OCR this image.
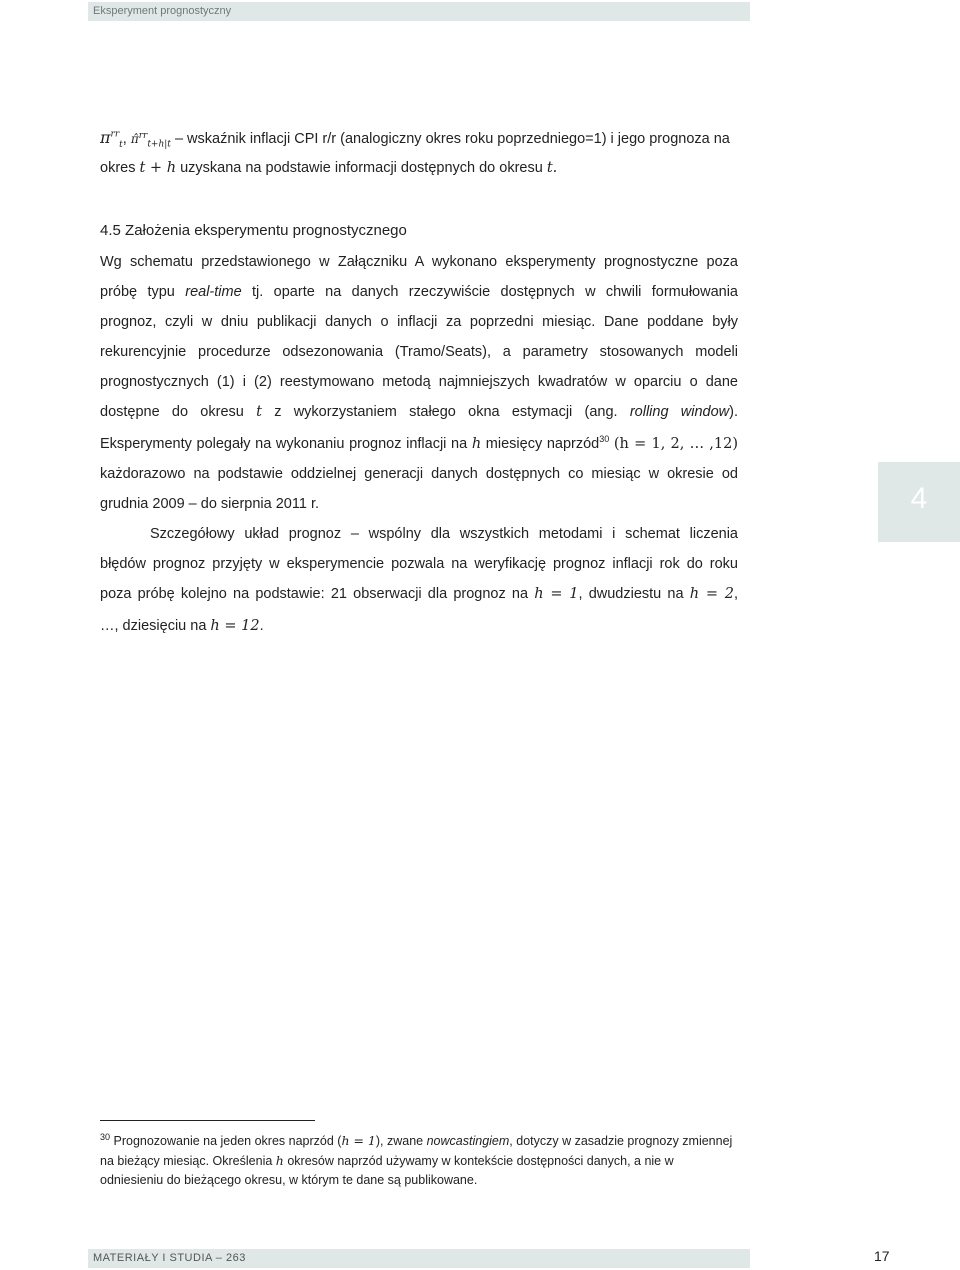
Eksperyment prognostyczny
$\pi^{rr}_t$, π̂$^{rr}_{t+h|t}$ – wskaźnik inflacji CPI r/r (analogiczny okres roku poprzedniego=1) i jego prognoza na
okres t + h uzyskana na podstawie informacji dostępnych do okresu t.
4.5 Założenia eksperymentu prognostycznego
Wg schematu przedstawionego w Załączniku A wykonano eksperymenty prognostyczne poza
próbę typu real-time tj. oparte na danych rzeczywiście dostępnych w chwili formułowania
prognoz, czyli w dniu publikacji danych o inflacji za poprzedni miesiąc. Dane poddane były
rekurencyjnie procedurze odsezonowania (Tramo/Seats), a parametry stosowanych modeli
prognostycznych (1) i (2) reestymowano metodą najmniejszych kwadratów w oparciu o dane
dostępne do okresu t z wykorzystaniem stałego okna estymacji (ang. rolling window).
Eksperymenty polegały na wykonaniu prognoz inflacji na h miesięcy naprzód$^{30}$ (h = 1, 2, … ,12)
każdorazowo na podstawie oddzielnej generacji danych dostępnych co miesiąc w okresie od
grudnia 2009 – do sierpnia 2011 r.
Szczegółowy układ prognoz – wspólny dla wszystkich metodami i schemat liczenia
błędów prognoz przyjęty w eksperymencie pozwala na weryfikację prognoz inflacji rok do roku
poza próbę kolejno na podstawie: 21 obserwacji dla prognoz na h = 1, dwudziestu na h = 2,
…, dziesięciu na h = 12.
4
$^{30}$ Prognozowanie na jeden okres naprzód (h = 1), zwane nowcastingiem, dotyczy w zasadzie prognozy zmiennej na bieżący miesiąc. Określenia h okresów naprzód używamy w kontekście dostępności danych, a nie w odniesieniu do bieżącego okresu, w którym te dane są publikowane.
MATERIAŁY I STUDIA – 263	17
